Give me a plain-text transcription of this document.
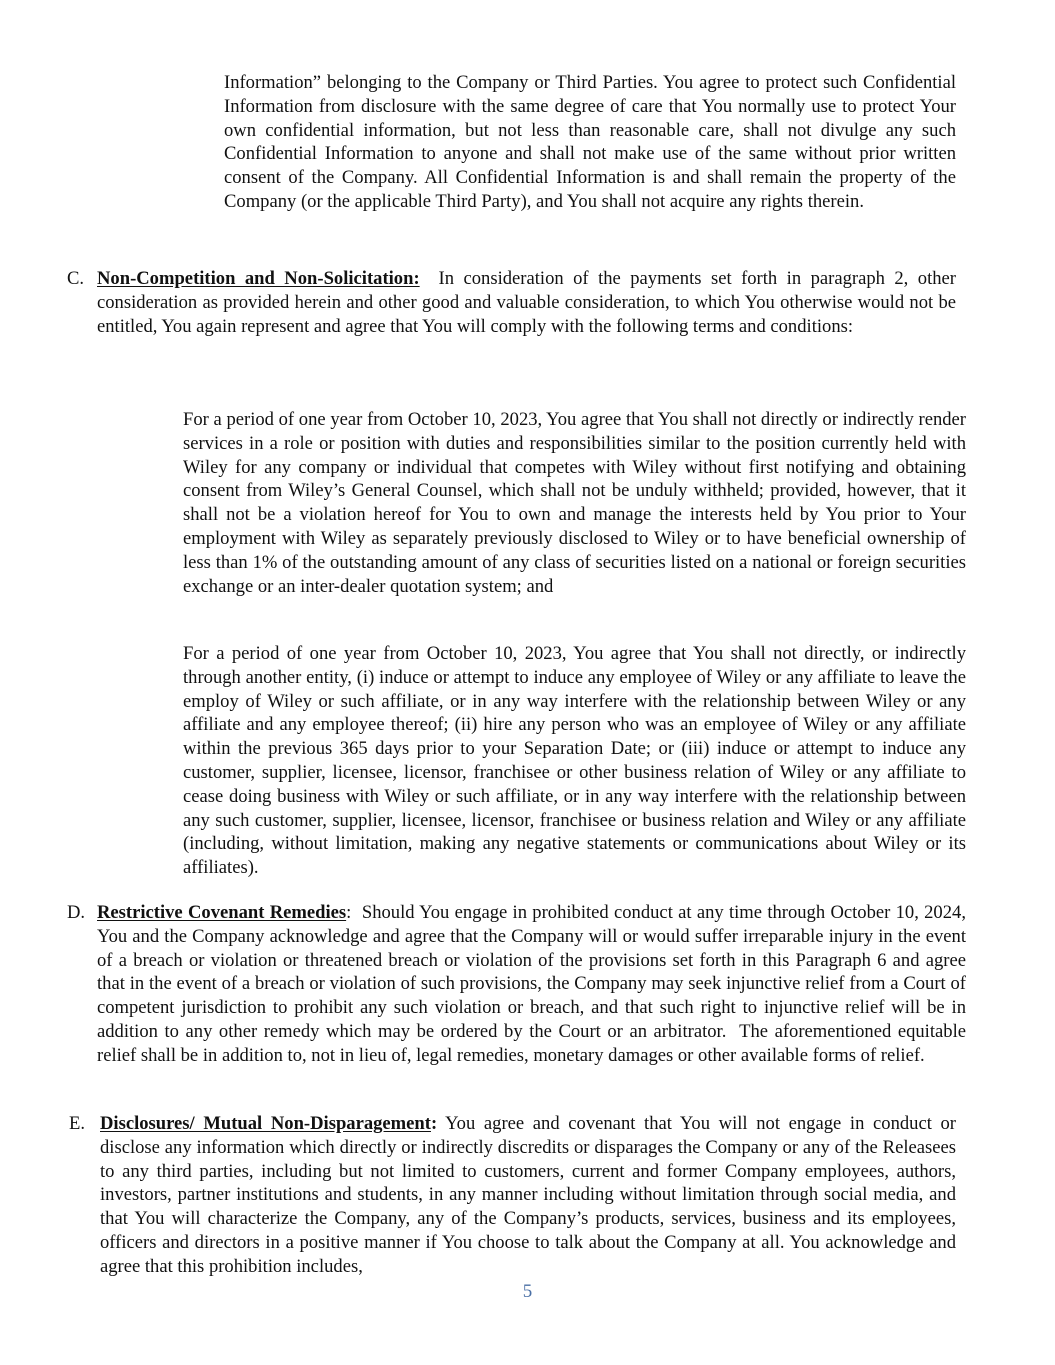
Information” belonging to the Company or Third Parties. You agree to protect such Confidential Information from disclosure with the same degree of care that You normally use to protect Your own confidential information, but not less than reasonable care, shall not divulge any such Confidential Information to anyone and shall not make use of the same without prior written consent of the Company. All Confidential Information is and shall remain the property of the Company (or the applicable Third Party), and You shall not acquire any rights therein.

C. Non-Competition and Non-Solicitation:  In consideration of the payments set forth in paragraph 2, other consideration as provided herein and other good and valuable consideration, to which You otherwise would not be entitled, You again represent and agree that You will comply with the following terms and conditions:

For a period of one year from October 10, 2023, You agree that You shall not directly or indirectly render services in a role or position with duties and responsibilities similar to the position currently held with Wiley for any company or individual that competes with Wiley without first notifying and obtaining consent from Wiley’s General Counsel, which shall not be unduly withheld; provided, however, that it shall not be a violation hereof for You to own and manage the interests held by You prior to Your employment with Wiley as separately previously disclosed to Wiley or to have beneficial ownership of less than 1% of the outstanding amount of any class of securities listed on a national or foreign securities exchange or an inter-dealer quotation system; and

For a period of one year from October 10, 2023, You agree that You shall not directly, or indirectly through another entity, (i) induce or attempt to induce any employee of Wiley or any affiliate to leave the employ of Wiley or such affiliate, or in any way interfere with the relationship between Wiley or any affiliate and any employee thereof; (ii) hire any person who was an employee of Wiley or any affiliate within the previous 365 days prior to your Separation Date; or (iii) induce or attempt to induce any customer, supplier, licensee, licensor, franchisee or other business relation of Wiley or any affiliate to cease doing business with Wiley or such affiliate, or in any way interfere with the relationship between any such customer, supplier, licensee, licensor, franchisee or business relation and Wiley or any affiliate (including, without limitation, making any negative statements or communications about Wiley or its affiliates).

D. Restrictive Covenant Remedies:  Should You engage in prohibited conduct at any time through October 10, 2024, You and the Company acknowledge and agree that the Company will or would suffer irreparable injury in the event of a breach or violation or threatened breach or violation of the provisions set forth in this Paragraph 6 and agree that in the event of a breach or violation of such provisions, the Company may seek injunctive relief from a Court of competent jurisdiction to prohibit any such violation or breach, and that such right to injunctive relief will be in addition to any other remedy which may be ordered by the Court or an arbitrator.  The aforementioned equitable relief shall be in addition to, not in lieu of, legal remedies, monetary damages or other available forms of relief.

E. Disclosures/ Mutual Non-Disparagement: You agree and covenant that You will not engage in conduct or disclose any information which directly or indirectly discredits or disparages the Company or any of the Releasees to any third parties, including but not limited to customers, current and former Company employees, authors, investors, partner institutions and students, in any manner including without limitation through social media, and that You will characterize the Company, any of the Company’s products, services, business and its employees, officers and directors in a positive manner if You choose to talk about the Company at all. You acknowledge and agree that this prohibition includes,

5
